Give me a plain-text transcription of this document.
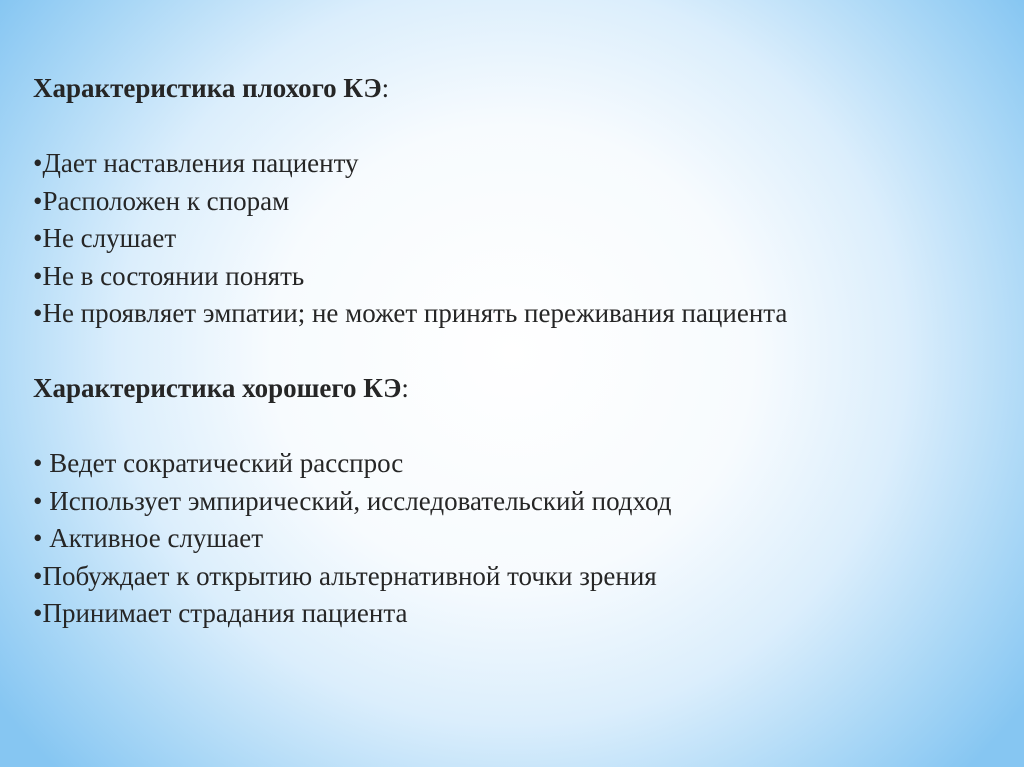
Характеристика плохого КЭ:

•Дает наставления пациенту
•Расположен к спорам
•Не слушает
•Не в состоянии понять
•Не проявляет эмпатии; не может принять переживания пациента

Характеристика хорошего КЭ:

• Ведет сократический расспрос
• Использует эмпирический, исследовательский подход
• Активное слушает
•Побуждает к открытию альтернативной точки зрения
•Принимает страдания пациента
